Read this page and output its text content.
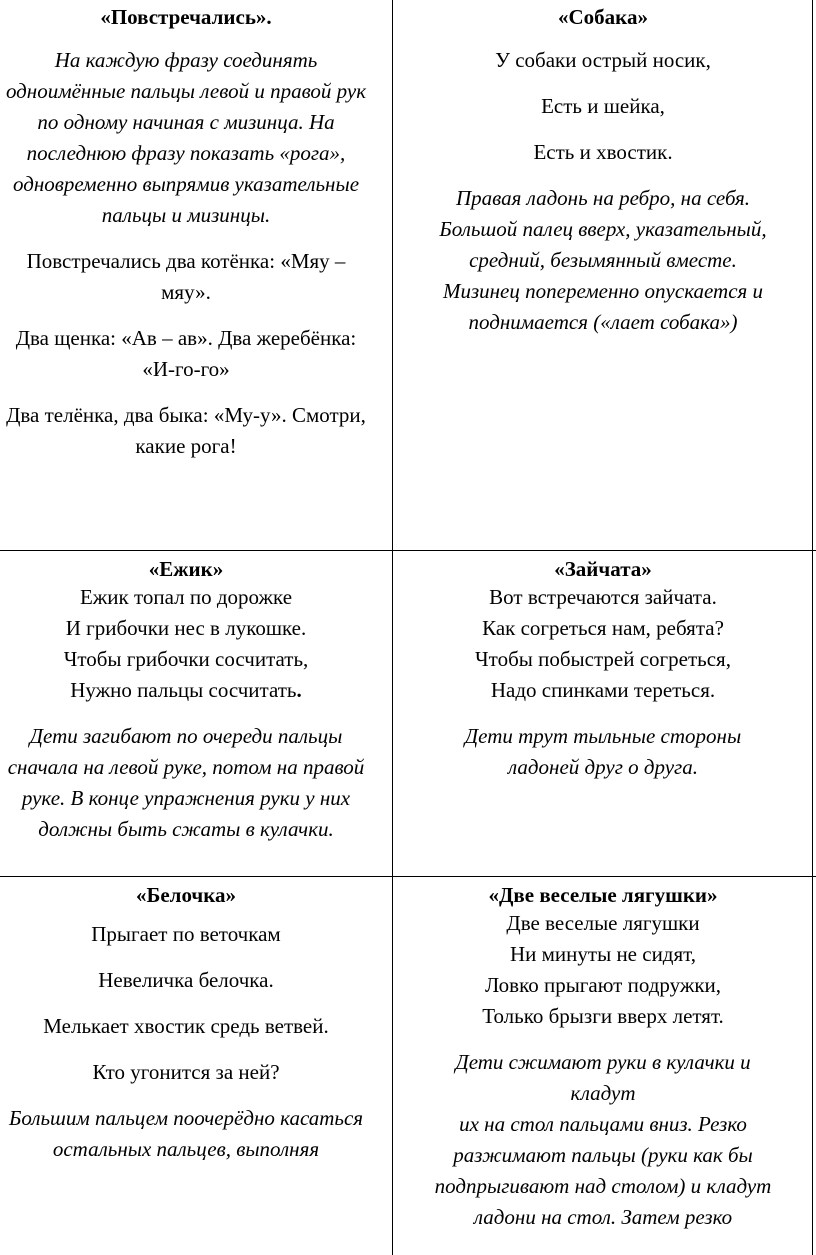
«Повстречались».
На каждую фразу соединять
одноимённые пальцы левой и правой рук
по одному начиная с мизинца. На
последнюю фразу показать «рога»,
одновременно выпрямив указательные
пальцы и мизинцы.
Повстречались два котёнка: «Мяу –
мяу».
Два щенка: «Ав – ав». Два жеребёнка:
«И-го-го»
Два телёнка, два быка: «Му-у». Смотри,
какие рога!
«Собака»
У собаки острый носик,
Есть и шейка,
Есть и хвостик.
Правая ладонь на ребро, на себя.
Большой палец вверх, указательный,
средний, безымянный вместе.
Мизинец попеременно опускается и
поднимается («лает собака»)
«Ежик»
Ежик топал по дорожке
И грибочки нес в лукошке.
Чтобы грибочки сосчитать,
Нужно пальцы сосчитать.
Дети загибают по очереди пальцы
сначала на левой руке, потом на правой
руке. В конце упражнения руки у них
должны быть сжаты в кулачки.
«Зайчата»
Вот встречаются зайчата.
Как согреться нам, ребята?
Чтобы побыстрей согреться,
Надо спинками тереться.
Дети трут тыльные стороны
ладоней друг о друга.
«Белочка»
Прыгает по веточкам
Невеличка белочка.
Мелькает хвостик средь ветвей.
Кто угонится за ней?
Большим пальцем поочерёдно касаться
остальных пальцев, выполняя
«Две веселые лягушки»
Две веселые лягушки
Ни минуты не сидят,
Ловко прыгают подружки,
Только брызги вверх летят.
Дети сжимают руки в кулачки и
кладут
их на стол пальцами вниз. Резко
разжимают пальцы (руки как бы
подпрыгивают над столом) и кладут
ладони на стол. Затем резко
